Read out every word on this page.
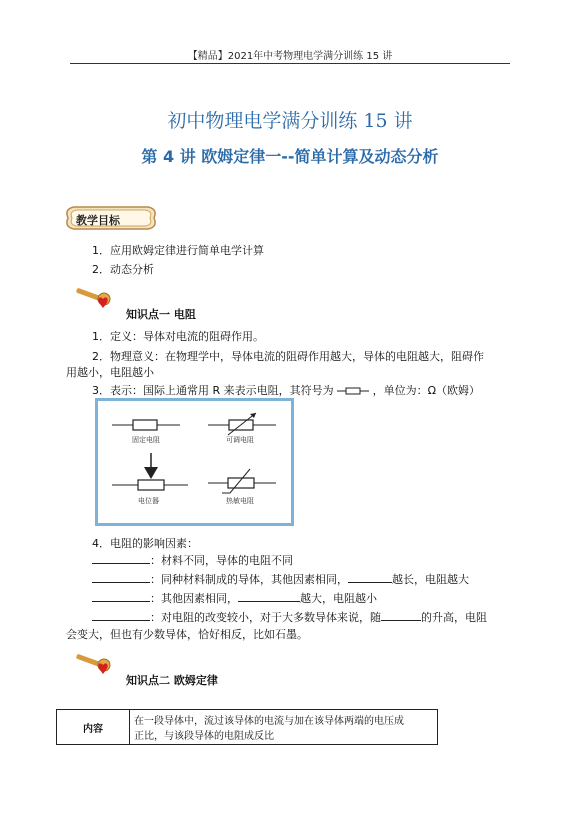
【精品】2021年中考物理电学满分训练 15 讲
初中物理电学满分训练 15 讲
第 4 讲 欧姆定律一--简单计算及动态分析
教学目标
1．应用欧姆定律进行简单电学计算
2．动态分析
知识点一 电阻
1．定义：导体对电流的阻碍作用。
2．物理意义：在物理学中，导体电流的阻碍作用越大，导体的电阻越大，阻碍作
用越小，电阻越小
3．表示：国际上通常用 R 来表示电阻，其符号为	，单位为：Ω（欧姆）
固定电阻	可调电阻
电位器	热敏电阻
4．电阻的影响因素：
：材料不同，导体的电阻不同
：同种材料制成的导体，其他因素相同，	越长，电阻越大
：其他因素相同，	越大，电阻越小
：对电阻的改变较小，对于大多数导体来说，随	的升高，电阻
会变大，但也有少数导体，恰好相反，比如石墨。
知识点二 欧姆定律
内容	
在一段导体中，流过该导体的电流与加在该导体两端的电压成
正比，与该段导体的电阻成反比
